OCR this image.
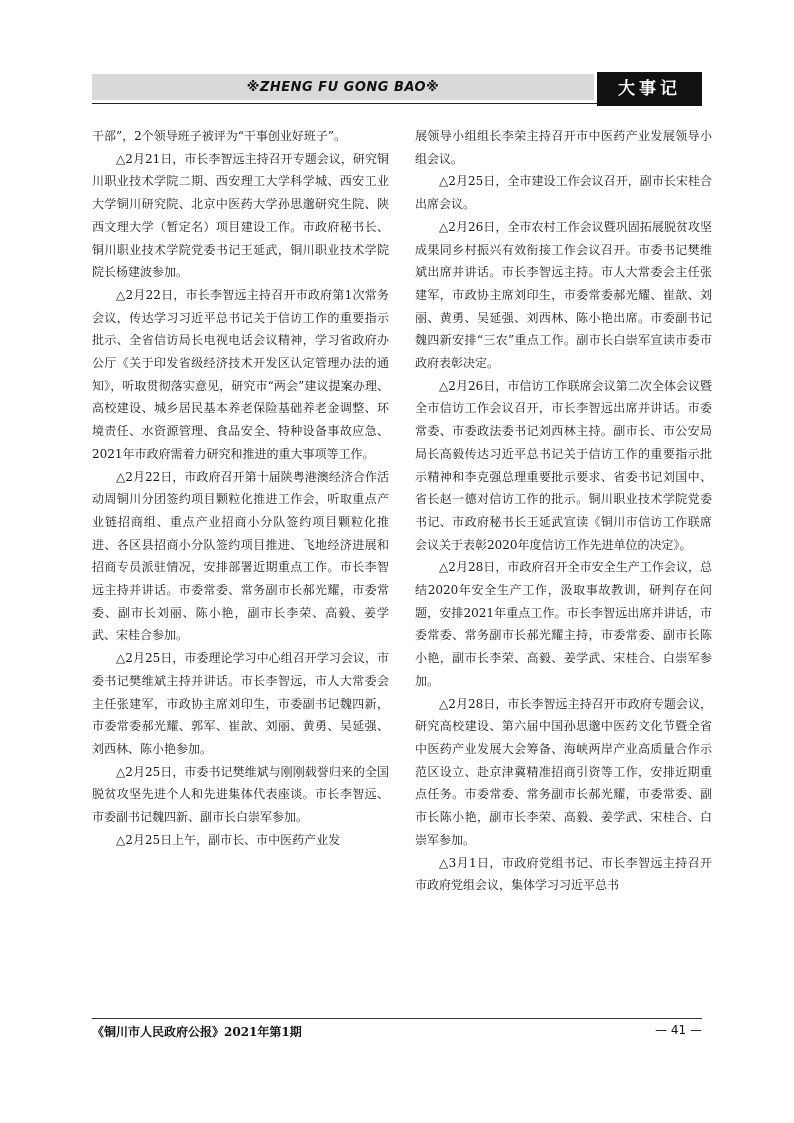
※ZHENG FU GONG BAO※	大事记

干部”，2个领导班子被评为“干事创业好班子”。

△2月21日，市长李智远主持召开专题会议，研究铜川职业技术学院二期、西安理工大学科学城、西安工业大学铜川研究院、北京中医药大学孙思邈研究生院、陕西文理大学（暂定名）项目建设工作。市政府秘书长、铜川职业技术学院党委书记王延武，铜川职业技术学院院长杨建波参加。

△2月22日，市长李智远主持召开市政府第1次常务会议，传达学习习近平总书记关于信访工作的重要指示批示、全省信访局长电视电话会议精神，学习省政府办公厅《关于印发省级经济技术开发区认定管理办法的通知》，听取贯彻落实意见，研究市“两会”建议提案办理、高校建设、城乡居民基本养老保险基础养老金调整、环境责任、水资源管理、食品安全、特种设备事故应急、2021年市政府需着力研究和推进的重大事项等工作。

△2月22日，市政府召开第十届陕粤港澳经济合作活动周铜川分团签约项目颗粒化推进工作会，听取重点产业链招商组、重点产业招商小分队签约项目颗粒化推进、各区县招商小分队签约项目推进、飞地经济进展和招商专员派驻情况，安排部署近期重点工作。市长李智远主持并讲话。市委常委、常务副市长郝光耀，市委常委、副市长刘丽、陈小艳，副市长李荣、高毅、姜学武、宋桂合参加。

△2月25日，市委理论学习中心组召开学习会议，市委书记樊维斌主持并讲话。市长李智远，市人大常委会主任张建军，市政协主席刘印生，市委副书记魏四新，市委常委郝光耀、郭军、崔歆、刘丽、黄勇、吴延强、刘西林、陈小艳参加。

△2月25日，市委书记樊维斌与刚刚载誉归来的全国脱贫攻坚先进个人和先进集体代表座谈。市长李智远、市委副书记魏四新、副市长白崇军参加。

△2月25日上午，副市长、市中医药产业发

展领导小组组长李荣主持召开市中医药产业发展领导小组会议。

△2月25日，全市建设工作会议召开，副市长宋桂合出席会议。

△2月26日，全市农村工作会议暨巩固拓展脱贫攻坚成果同乡村振兴有效衔接工作会议召开。市委书记樊维斌出席并讲话。市长李智远主持。市人大常委会主任张建军，市政协主席刘印生，市委常委郝光耀、崔歆、刘丽、黄勇、吴延强、刘西林、陈小艳出席。市委副书记魏四新安排“三农”重点工作。副市长白崇军宣读市委市政府表彰决定。

△2月26日，市信访工作联席会议第二次全体会议暨全市信访工作会议召开，市长李智远出席并讲话。市委常委、市委政法委书记刘西林主持。副市长、市公安局局长高毅传达习近平总书记关于信访工作的重要指示批示精神和李克强总理重要批示要求、省委书记刘国中、省长赵一德对信访工作的批示。铜川职业技术学院党委书记、市政府秘书长王延武宣读《铜川市信访工作联席会议关于表彰2020年度信访工作先进单位的决定》。

△2月28日，市政府召开全市安全生产工作会议，总结2020年安全生产工作，汲取事故教训，研判存在问题，安排2021年重点工作。市长李智远出席并讲话，市委常委、常务副市长郝光耀主持，市委常委、副市长陈小艳，副市长李荣、高毅、姜学武、宋桂合、白崇军参加。

△2月28日，市长李智远主持召开市政府专题会议，研究高校建设、第六届中国孙思邈中医药文化节暨全省中医药产业发展大会筹备、海峡两岸产业高质量合作示范区设立、赴京津冀精准招商引资等工作，安排近期重点任务。市委常委、常务副市长郝光耀，市委常委、副市长陈小艳，副市长李荣、高毅、姜学武、宋桂合、白崇军参加。

△3月1日，市政府党组书记、市长李智远主持召开市政府党组会议，集体学习习近平总书

《铜川市人民政府公报》2021年第1期	— 41 —
